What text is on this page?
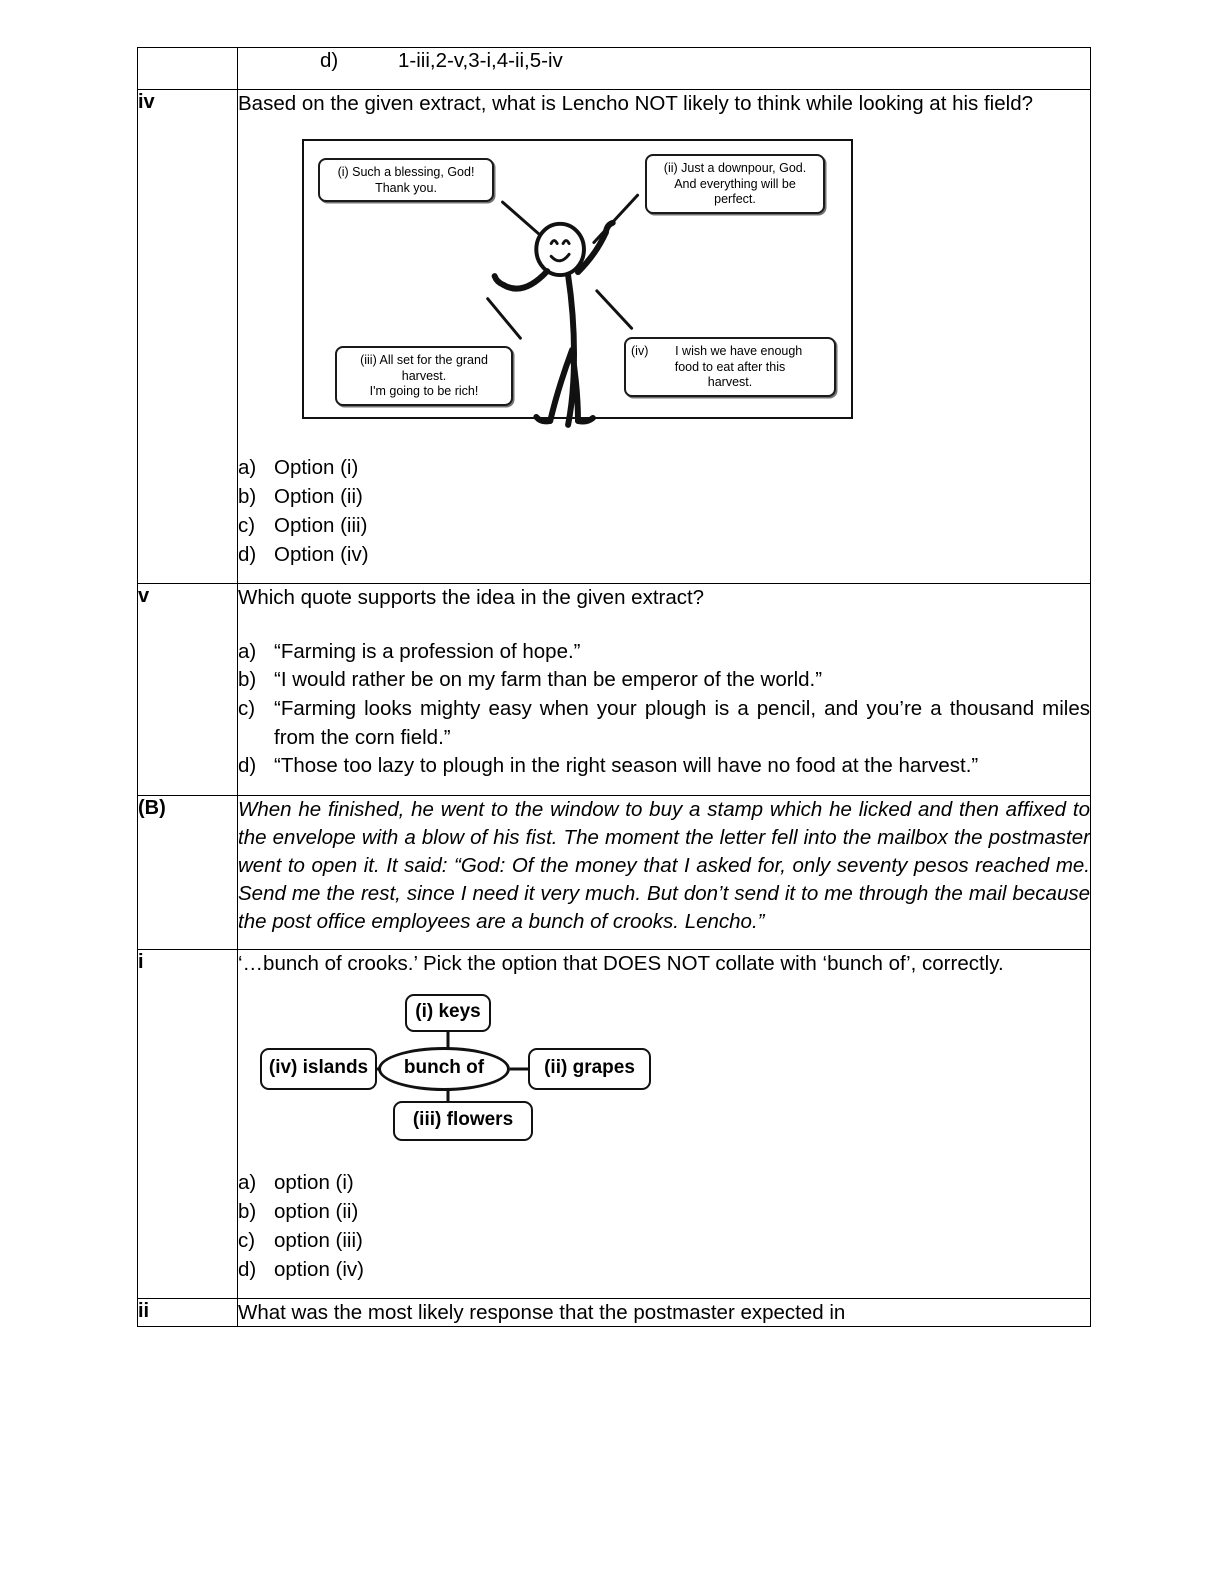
	d) 1-iii,2-v,3-i,4-ii,5-iv

iv	Based on the given extract, what is Lencho NOT likely to think while looking at his field?
(i) Such a blessing, God!
Thank you.
(ii) Just a downpour, God.
And everything will be
perfect.
(iii) All set for the grand
harvest.
I'm going to be rich!
(iv) I wish we have enough
food to eat after this
harvest.
a) Option (i)
b) Option (ii)
c) Option (iii)
d) Option (iv)

v	Which quote supports the idea in the given extract?
a) “Farming is a profession of hope.”
b) “I would rather be on my farm than be emperor of the world.”
c) “Farming looks mighty easy when your plough is a pencil, and you’re a thousand miles from the corn field.”
d) “Those too lazy to plough in the right season will have no food at the harvest.”

(B)	When he finished, he went to the window to buy a stamp which he licked and then affixed to the envelope with a blow of his fist. The moment the letter fell into the mailbox the postmaster went to open it. It said: “God: Of the money that I asked for, only seventy pesos reached me. Send me the rest, since I need it very much. But don’t send it to me through the mail because the post office employees are a bunch of crooks. Lencho.”

i	‘…bunch of crooks.’ Pick the option that DOES NOT collate with ‘bunch of’, correctly.
(i) keys
bunch of	(ii) grapes
(iii) flowers
(iv) islands
a) option (i)
b) option (ii)
c) option (iii)
d) option (iv)

ii	What was the most likely response that the postmaster expected in
